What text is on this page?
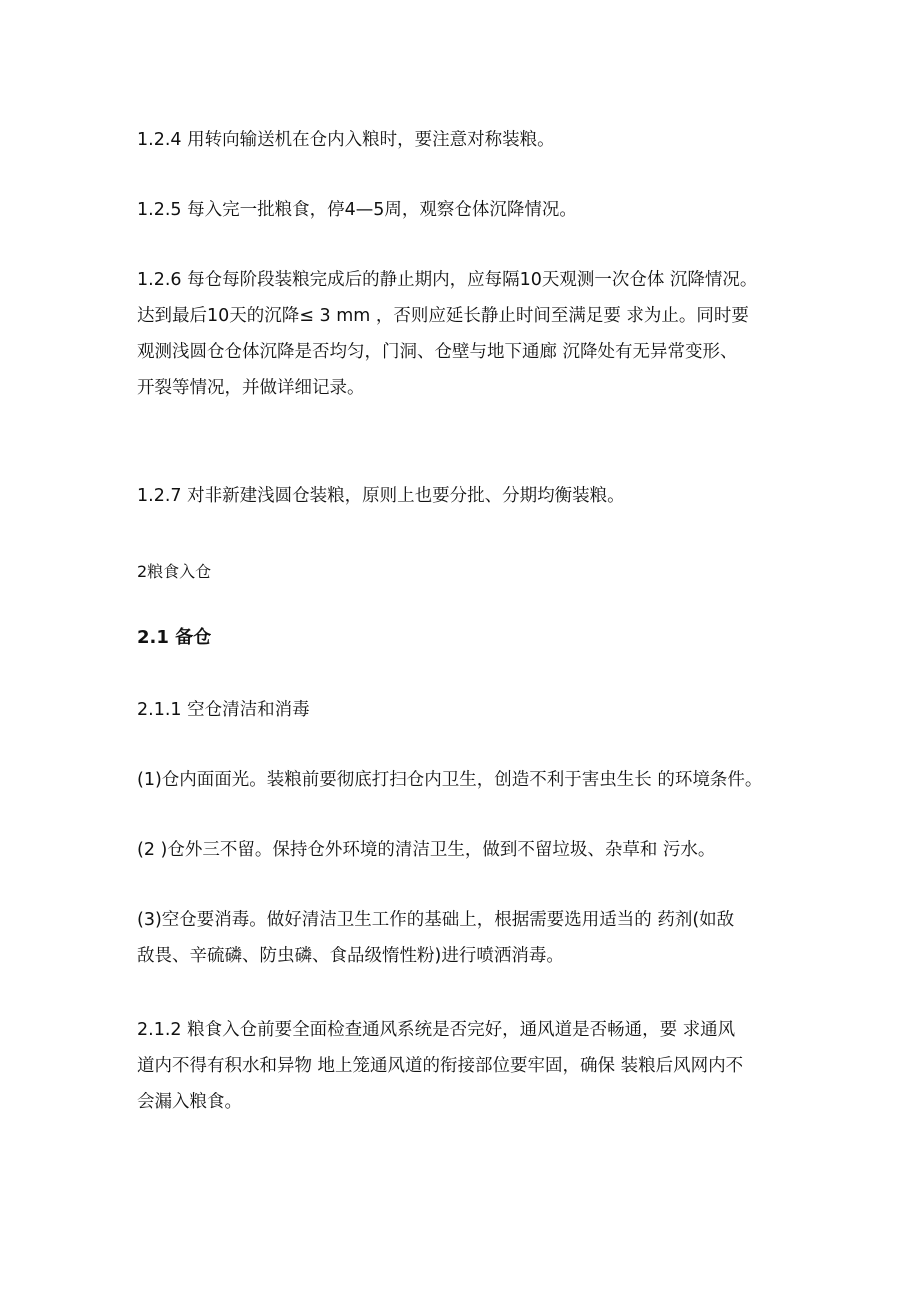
1.2.4 用转向输送机在仓内入粮时，要注意对称装粮。

1.2.5 每入完一批粮食，停4—5周，观察仓体沉降情况。

1.2.6 每仓每阶段装粮完成后的静止期内，应每隔10天观测一次仓体 沉降情况。
达到最后10天的沉降≤ 3 mm ，否则应延长静止时间至满足要 求为止。同时要
观测浅圆仓仓体沉降是否均匀，门洞、仓壁与地下通廊 沉降处有无异常变形、
开裂等情况，并做详细记录。

1.2.7 对非新建浅圆仓装粮，原则上也要分批、分期均衡装粮。

2粮食入仓

2.1 备仓

2.1.1 空仓清洁和消毒

(1)仓内面面光。装粮前要彻底打扫仓内卫生，创造不利于害虫生长 的环境条件。

(2 )仓外三不留。保持仓外环境的清洁卫生，做到不留垃圾、杂草和 污水。

(3)空仓要消毒。做好清洁卫生工作的基础上，根据需要选用适当的 药剂(如敌
敌畏、辛硫磷、防虫磷、食品级惰性粉)进行喷洒消毒。
2.1.2 粮食入仓前要全面检查通风系统是否完好，通风道是否畅通，要 求通风
道内不得有积水和异物 地上笼通风道的衔接部位要牢固，确保 装粮后风网内不
会漏入粮食。
